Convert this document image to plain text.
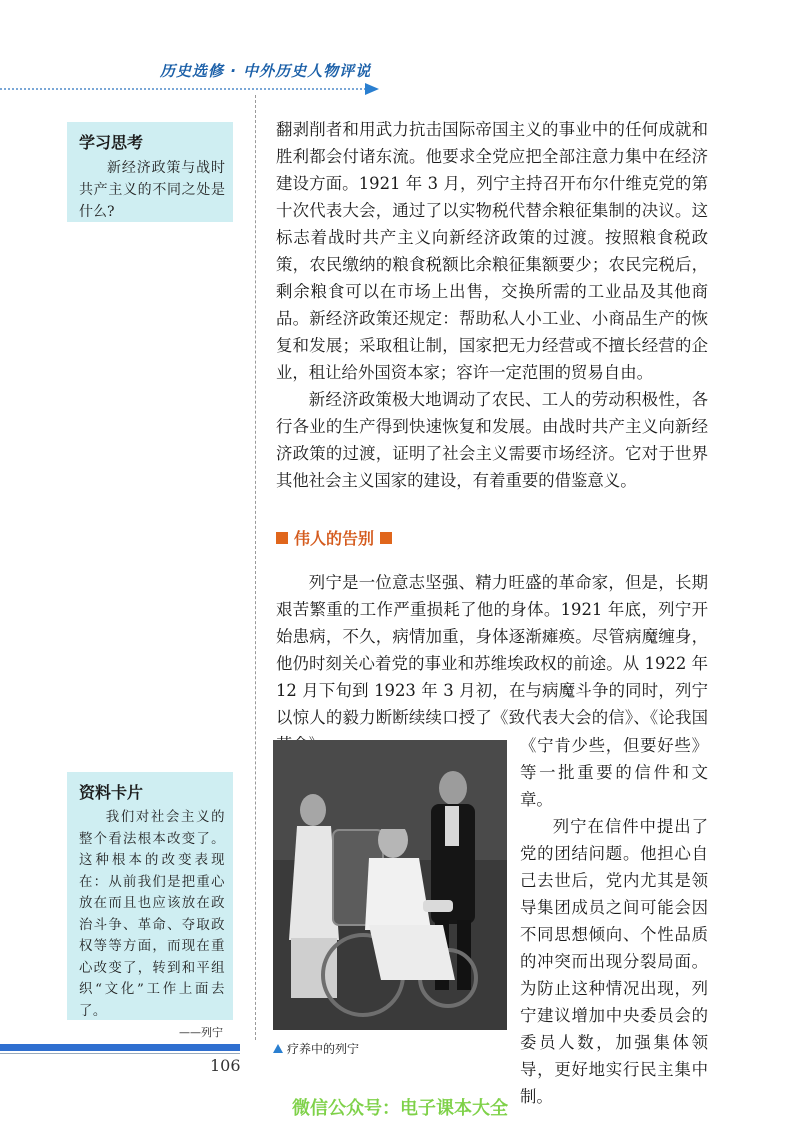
历史选修 · 中外历史人物评说
学习思考
新经济政策与战时共产主义的不同之处是什么?

翻剥削者和用武力抗击国际帝国主义的事业中的任何成就和胜利都会付诸东流。他要求全党应把全部注意力集中在经济建设方面。1921 年 3 月，列宁主持召开布尔什维克党的第十次代表大会，通过了以实物税代替余粮征集制的决议。这标志着战时共产主义向新经济政策的过渡。按照粮食税政策，农民缴纳的粮食税额比余粮征集额要少；农民完税后，剩余粮食可以在市场上出售，交换所需的工业品及其他商品。新经济政策还规定：帮助私人小工业、小商品生产的恢复和发展；采取租让制，国家把无力经营或不擅长经营的企业，租让给外国资本家；容许一定范围的贸易自由。

新经济政策极大地调动了农民、工人的劳动积极性，各行各业的生产得到快速恢复和发展。由战时共产主义向新经济政策的过渡，证明了社会主义需要市场经济。它对于世界其他社会主义国家的建设，有着重要的借鉴意义。

伟人的告别

列宁是一位意志坚强、精力旺盛的革命家，但是，长期艰苦繁重的工作严重损耗了他的身体。1921 年底，列宁开始患病，不久，病情加重，身体逐渐瘫痪。尽管病魔缠身，他仍时刻关心着党的事业和苏维埃政权的前途。从 1922 年 12 月下旬到 1923 年 3 月初，在与病魔斗争的同时，列宁以惊人的毅力断断续续口授了《致代表大会的信》、《论我国

《宁肯少些，但要好些》等一批重要的信件和文章。

列宁在信件中提出了党的团结问题。他担心自己去世后，党内尤其是领导集团成员之间可能会因不同思想倾向、个性品质的冲突而出现分裂局面。为防止这种情况出现，列宁建议增加中央委员会的委员人数，加强集体领导，更好地实行民主集中制。

疗养中的列宁
资料卡片
我们对社会主义的整个看法根本改变了。这种根本的改变表现在：从前我们是把重心放在而且也应该放在政治斗争、革命、夺取政权等等方面，而现在重心改变了，转到和平组织“文化”工作上面去了。
——列宁
106
微信公众号：电子课本大全
